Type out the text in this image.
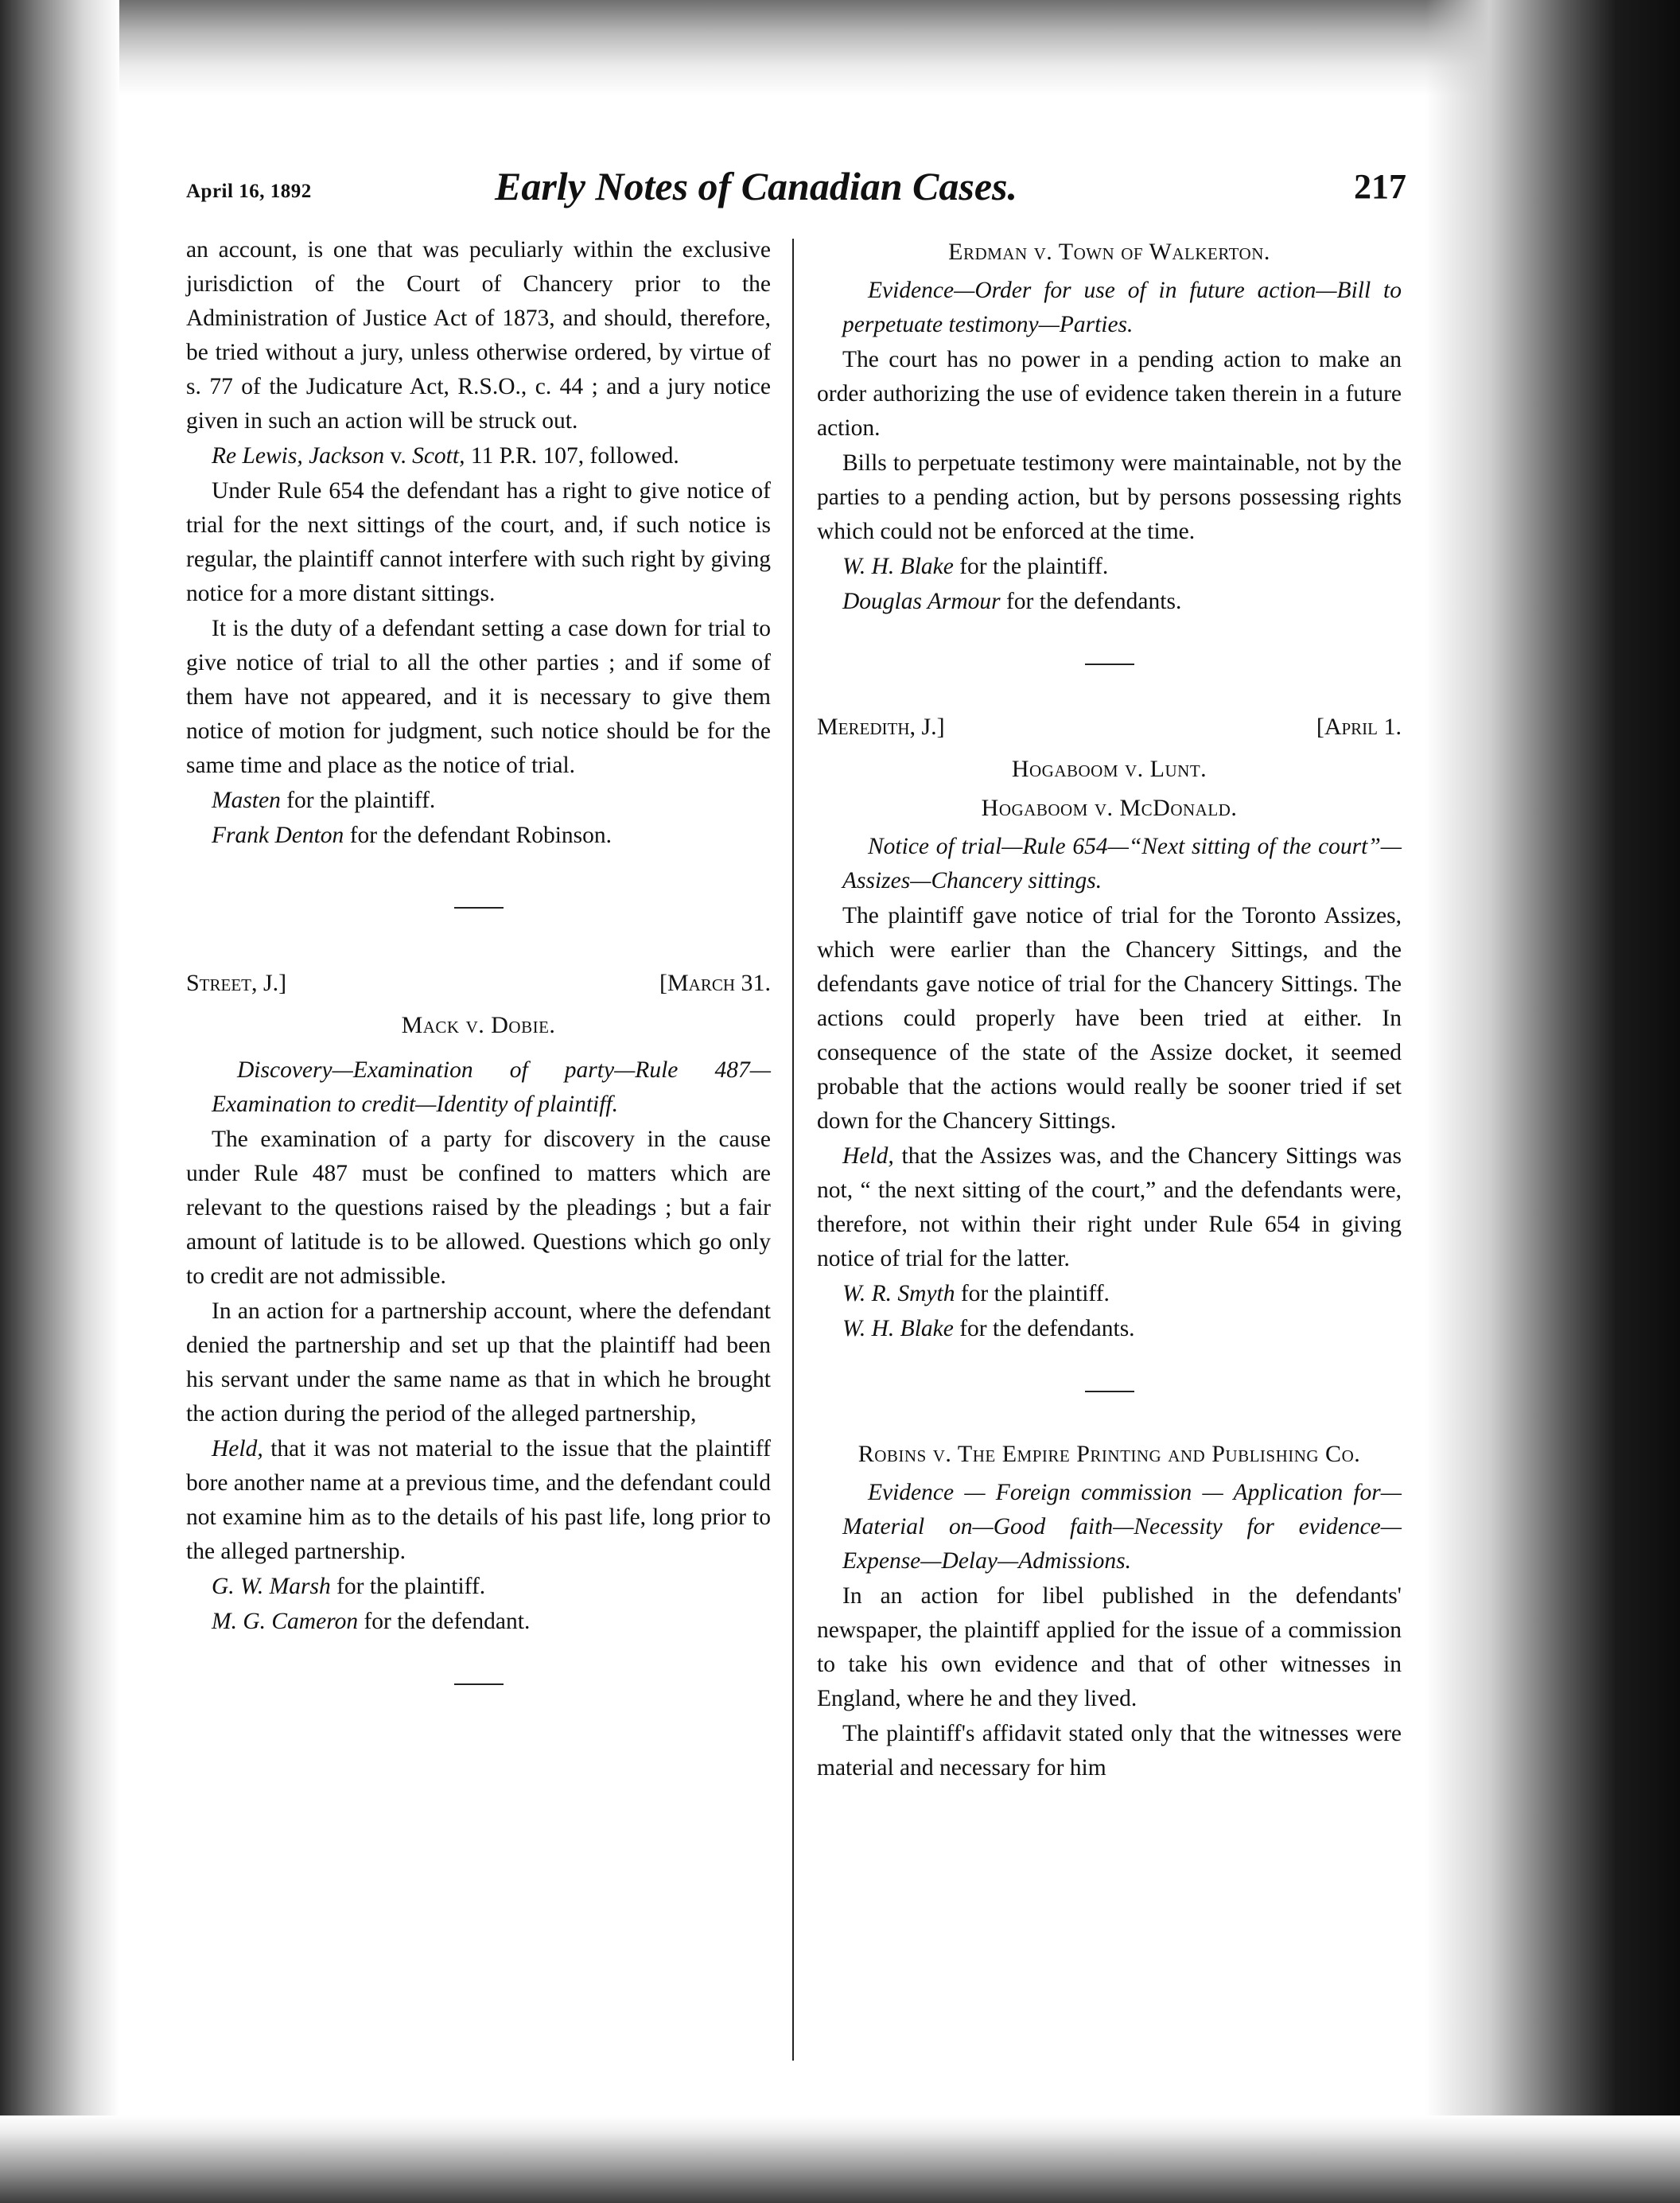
April 16, 1892	Early Notes of Canadian Cases.	217

an account, is one that was peculiarly within the exclusive jurisdiction of the Court of Chancery prior to the Administration of Justice Act of 1873, and should, therefore, be tried without a jury, unless otherwise ordered, by virtue of s. 77 of the Judicature Act, R.S.O., c. 44 ; and a jury notice given in such an action will be struck out.

Re Lewis, Jackson v. Scott, 11 P.R. 107, followed.

Under Rule 654 the defendant has a right to give notice of trial for the next sittings of the court, and, if such notice is regular, the plaintiff cannot interfere with such right by giving notice for a more distant sittings.

It is the duty of a defendant setting a case down for trial to give notice of trial to all the other parties ; and if some of them have not appeared, and it is necessary to give them notice of motion for judgment, such notice should be for the same time and place as the notice of trial.

Masten for the plaintiff.

Frank Denton for the defendant Robinson.

Street, J.]	[March 31.
Mack v. Dobie.

Discovery—Examination of party—Rule 487—Examination to credit—Identity of plaintiff.

The examination of a party for discovery in the cause under Rule 487 must be confined to matters which are relevant to the questions raised by the pleadings ; but a fair amount of latitude is to be allowed. Questions which go only to credit are not admissible.

In an action for a partnership account, where the defendant denied the partnership and set up that the plaintiff had been his servant under the same name as that in which he brought the action during the period of the alleged partnership,

Held, that it was not material to the issue that the plaintiff bore another name at a previous time, and the defendant could not examine him as to the details of his past life, long prior to the alleged partnership.

G. W. Marsh for the plaintiff.

M. G. Cameron for the defendant.

Erdman v. Town of Walkerton.

Evidence—Order for use of in future action—Bill to perpetuate testimony—Parties.

The court has no power in a pending action to make an order authorizing the use of evidence taken therein in a future action.

Bills to perpetuate testimony were maintainable, not by the parties to a pending action, but by persons possessing rights which could not be enforced at the time.

W. H. Blake for the plaintiff.

Douglas Armour for the defendants.

Meredith, J.]	[April 1.
Hogaboom v. Lunt.
Hogaboom v. McDonald.

Notice of trial—Rule 654—“Next sitting of the court”—Assizes—Chancery sittings.

The plaintiff gave notice of trial for the Toronto Assizes, which were earlier than the Chancery Sittings, and the defendants gave notice of trial for the Chancery Sittings. The actions could properly have been tried at either. In consequence of the state of the Assize docket, it seemed probable that the actions would really be sooner tried if set down for the Chancery Sittings.

Held, that the Assizes was, and the Chancery Sittings was not, “ the next sitting of the court,” and the defendants were, therefore, not within their right under Rule 654 in giving notice of trial for the latter.

W. R. Smyth for the plaintiff.

W. H. Blake for the defendants.

Robins v. The Empire Printing and Publishing Co.

Evidence — Foreign commission — Application for—Material on—Good faith—Necessity for evidence—Expense—Delay—Admissions.

In an action for libel published in the defendants' newspaper, the plaintiff applied for the issue of a commission to take his own evidence and that of other witnesses in England, where he and they lived.

The plaintiff's affidavit stated only that the witnesses were material and necessary for him
